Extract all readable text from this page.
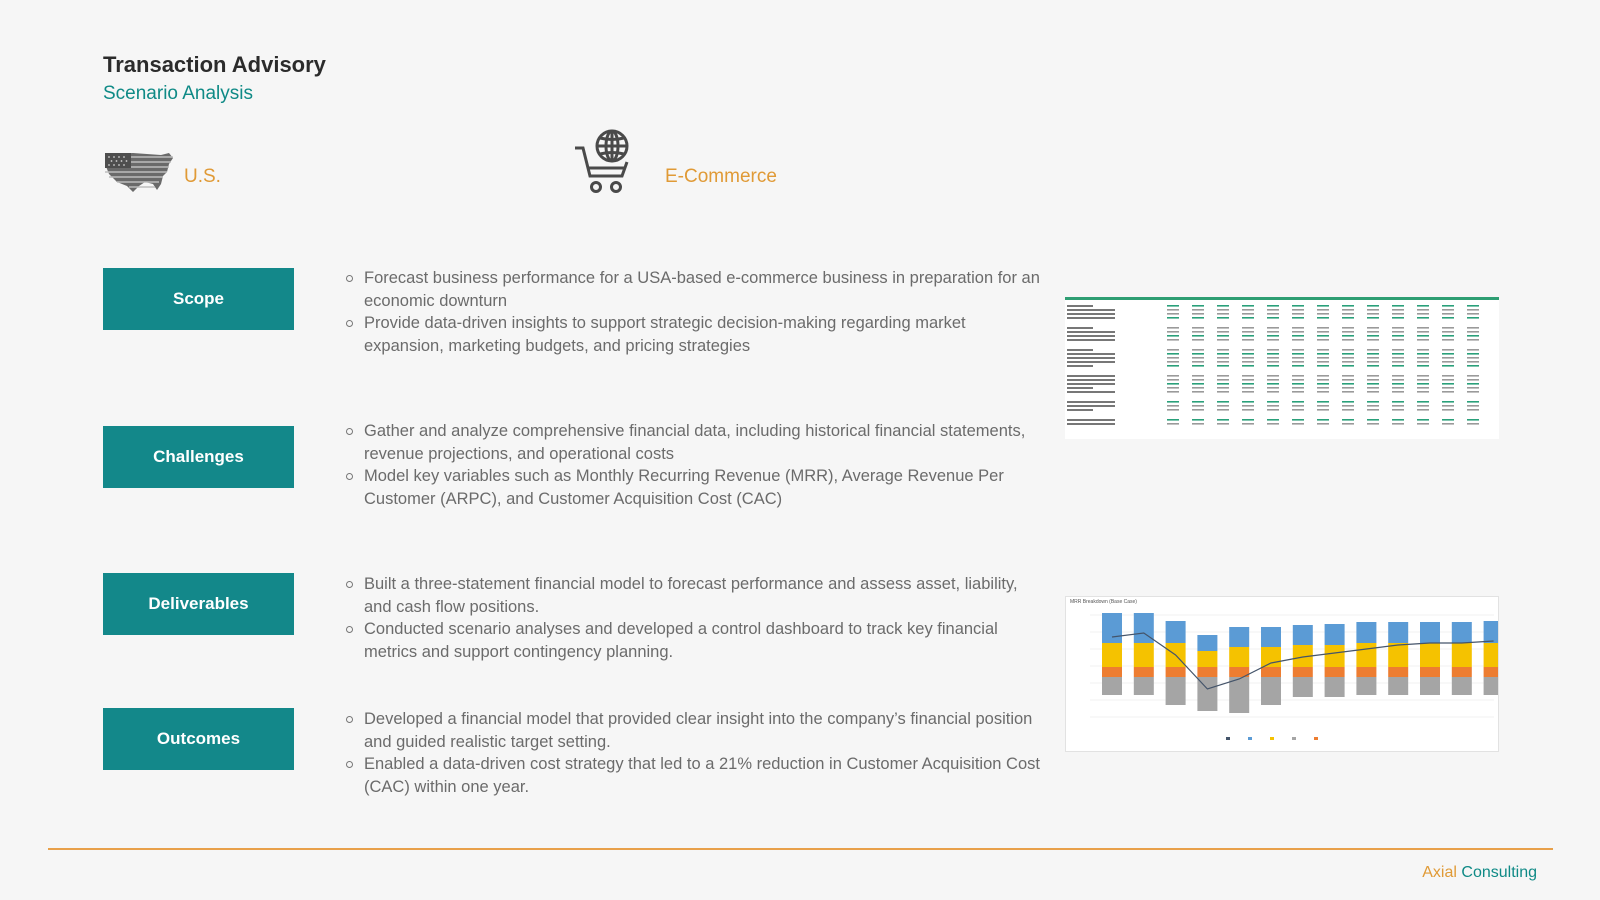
Transaction Advisory
Scenario Analysis
U.S.	E-Commerce
Scope
Challenges
Deliverables
Outcomes
Forecast business performance for a USA-based e-commerce business in preparation for an economic downturn
Provide data-driven insights to support strategic decision-making regarding market expansion, marketing budgets, and pricing strategies
Gather and analyze comprehensive financial data, including historical financial statements, revenue projections, and operational costs
Model key variables such as Monthly Recurring Revenue (MRR), Average Revenue Per Customer (ARPC), and Customer Acquisition Cost (CAC)
Built a three-statement financial model to forecast performance and assess asset, liability, and cash flow positions.
Conducted scenario analyses and developed a control dashboard to track key financial metrics and support contingency planning.
Developed a financial model that provided clear insight into the company’s financial position and guided realistic target setting.
Enabled a data-driven cost strategy that led to a 21% reduction in Customer Acquisition Cost (CAC) within one year.
MRR Breakdown (Base Case)
Axial Consulting
